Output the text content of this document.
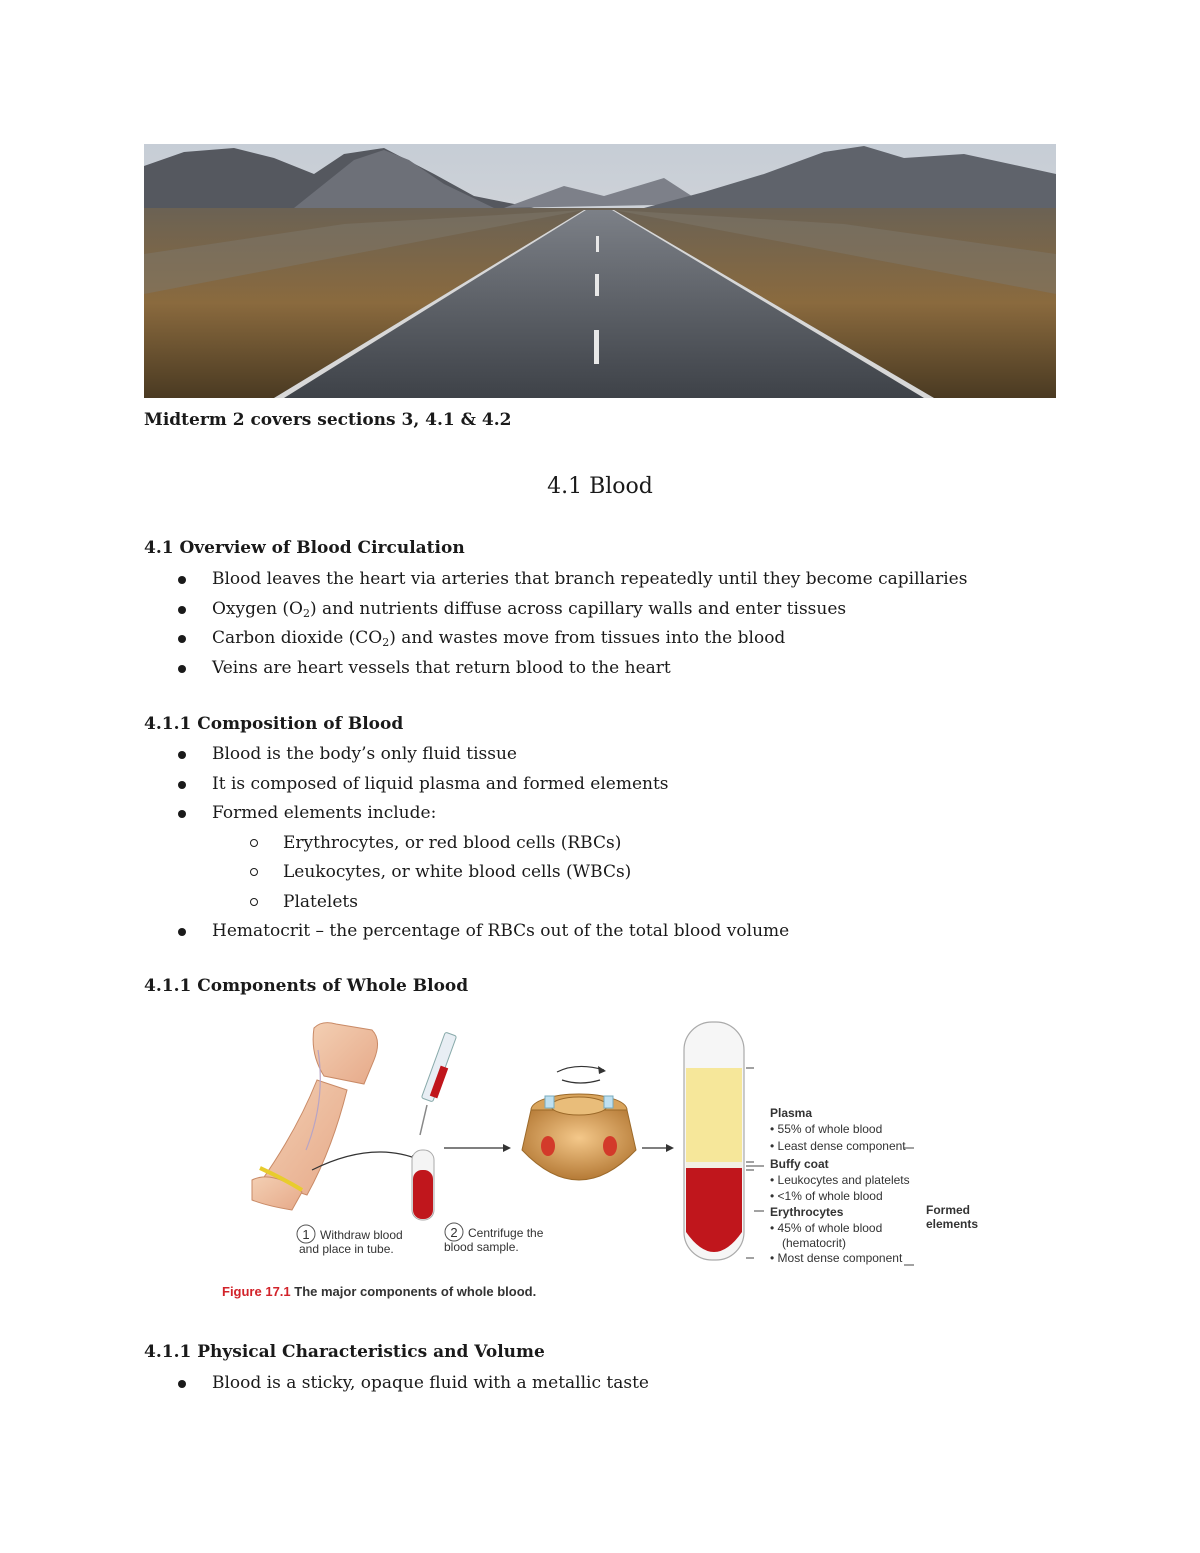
Midterm 2 covers sections 3, 4.1 & 4.2
4.1 Blood
4.1 Overview of Blood Circulation
Blood leaves the heart via arteries that branch repeatedly until they become capillaries
Oxygen $(O_2)$ and nutrients diffuse across capillary walls and enter tissues
Carbon dioxide $(CO_2)$ and wastes move from tissues into the blood
Veins are heart vessels that return blood to the heart
4.1.1 Composition of Blood
Blood is the body’s only fluid tissue
It is composed of liquid plasma and formed elements
Formed elements include:
Erythrocytes, or red blood cells (RBCs)
Leukocytes, or white blood cells (WBCs)
Platelets
Hematocrit – the percentage of RBCs out of the total blood volume
4.1.1 Components of Whole Blood
1 Withdraw blood
and place in tube.
2 Centrifuge the
blood sample.
Plasma
• 55% of whole blood
• Least dense component
Buffy coat
• Leukocytes and platelets
• <1% of whole blood
Erythrocytes
• 45% of whole blood
(hematocrit)
• Most dense component
Formed
elements
Figure 17.1 The major components of whole blood.
4.1.1 Physical Characteristics and Volume
Blood is a sticky, opaque fluid with a metallic taste
